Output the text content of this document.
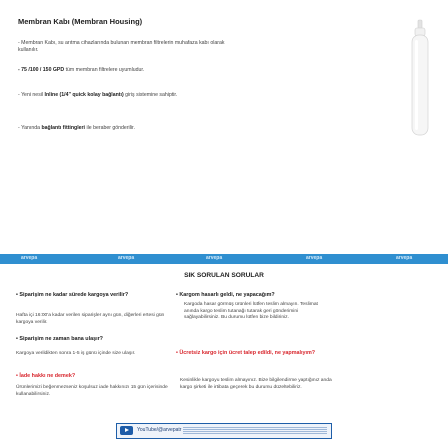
Membran Kabı (Membran Housing)
- Membran Kabı, su arıtma cihazlarında bulunan membran filtrelerin muhafaza kabı olarak kullanılır.
- 75 /100 / 150 GPD tüm membran filtrelere uyumludur.
- Yeni nesil Inline (1/4" quick kolay bağlantı) giriş sistemine sahiptir.
- Yanında bağlantı fittingleri ile beraber gönderilir.
arvepa	arvepa	arvepa	arvepa	arvepa
SIK SORULAN SORULAR
• Siparişim ne kadar sürede kargoya verilir?
Hafta içi 16:00'a kadar verilen siparişler aynı gün, diğerleri ertesi gün kargoya verilir.
• Siparişim ne zaman bana ulaşır?
Kargoya verildikten sonra 1-5 iş günü içinde size ulaşır.
• İade hakkı ne demek?
Ürünlerimizi beğenmezseniz koşulsuz iade hakkınızı 15 gün içerisinde kullanabilirsiniz.
• Kargom hasarlı geldi, ne yapacağım?
Kargoda hasar görmüş ürünleri lütfen teslim almayın. Teslimat anında kargo teslim tutanağı tutarak geri gönderimini sağlayabilirsiniz. Bu durumu lütfen bize bildiriniz.
• Ücretsiz kargo için ücret talep edildi, ne yapmalıyım?
Kesinlikle kargoyu teslim almayınız. Bize bilgilendirme yaptığınız anda kargo şirketi ile irtibata geçerek bu durumu düzeltebiliriz.
YouTube/@arvepatr
